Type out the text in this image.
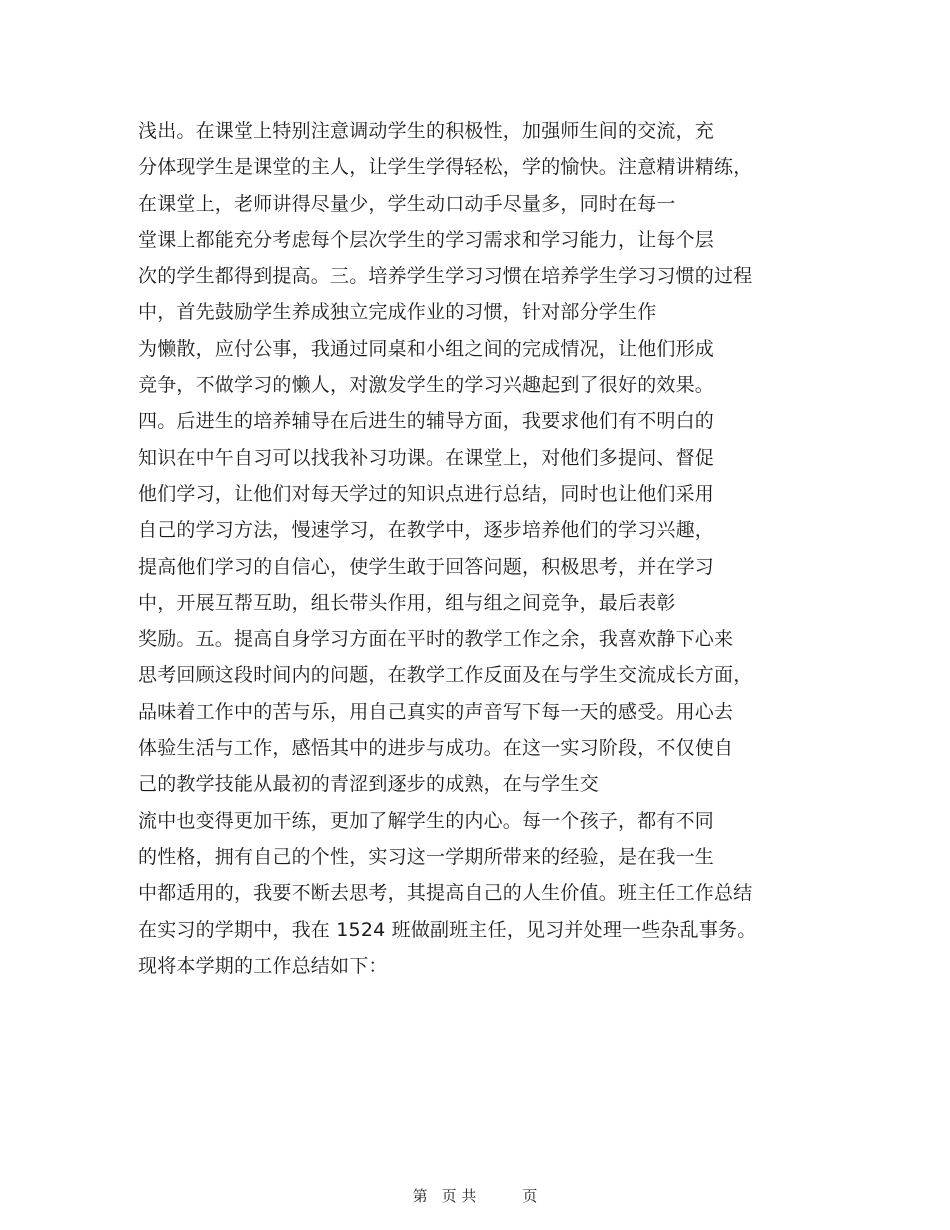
浅出。在课堂上特别注意调动学生的积极性，加强师生间的交流，充
分体现学生是课堂的主人，让学生学得轻松，学的愉快。注意精讲精练，
在课堂上，老师讲得尽量少，学生动口动手尽量多，同时在每一
堂课上都能充分考虑每个层次学生的学习需求和学习能力，让每个层
次的学生都得到提高。三。培养学生学习习惯在培养学生学习习惯的过程
中，首先鼓励学生养成独立完成作业的习惯，针对部分学生作
为懒散，应付公事，我通过同桌和小组之间的完成情况，让他们形成
竞争，不做学习的懒人，对激发学生的学习兴趣起到了很好的效果。
四。后进生的培养辅导在后进生的辅导方面，我要求他们有不明白的
知识在中午自习可以找我补习功课。在课堂上，对他们多提问、督促
他们学习，让他们对每天学过的知识点进行总结，同时也让他们采用
自己的学习方法，慢速学习，在教学中，逐步培养他们的学习兴趣，
提高他们学习的自信心，使学生敢于回答问题，积极思考，并在学习
中，开展互帮互助，组长带头作用，组与组之间竞争，最后表彰
奖励。五。提高自身学习方面在平时的教学工作之余，我喜欢静下心来
思考回顾这段时间内的问题，在教学工作反面及在与学生交流成长方面，
品味着工作中的苦与乐，用自己真实的声音写下每一天的感受。用心去
体验生活与工作，感悟其中的进步与成功。在这一实习阶段，不仅使自
己的教学技能从最初的青涩到逐步的成熟，在与学生交
流中也变得更加干练，更加了解学生的内心。每一个孩子，都有不同
的性格，拥有自己的个性，实习这一学期所带来的经验，是在我一生
中都适用的，我要不断去思考，其提高自己的人生价值。班主任工作总结
在实习的学期中，我在 1524 班做副班主任，见习并处理一些杂乱事务。
现将本学期的工作总结如下：
第 页 共	页
